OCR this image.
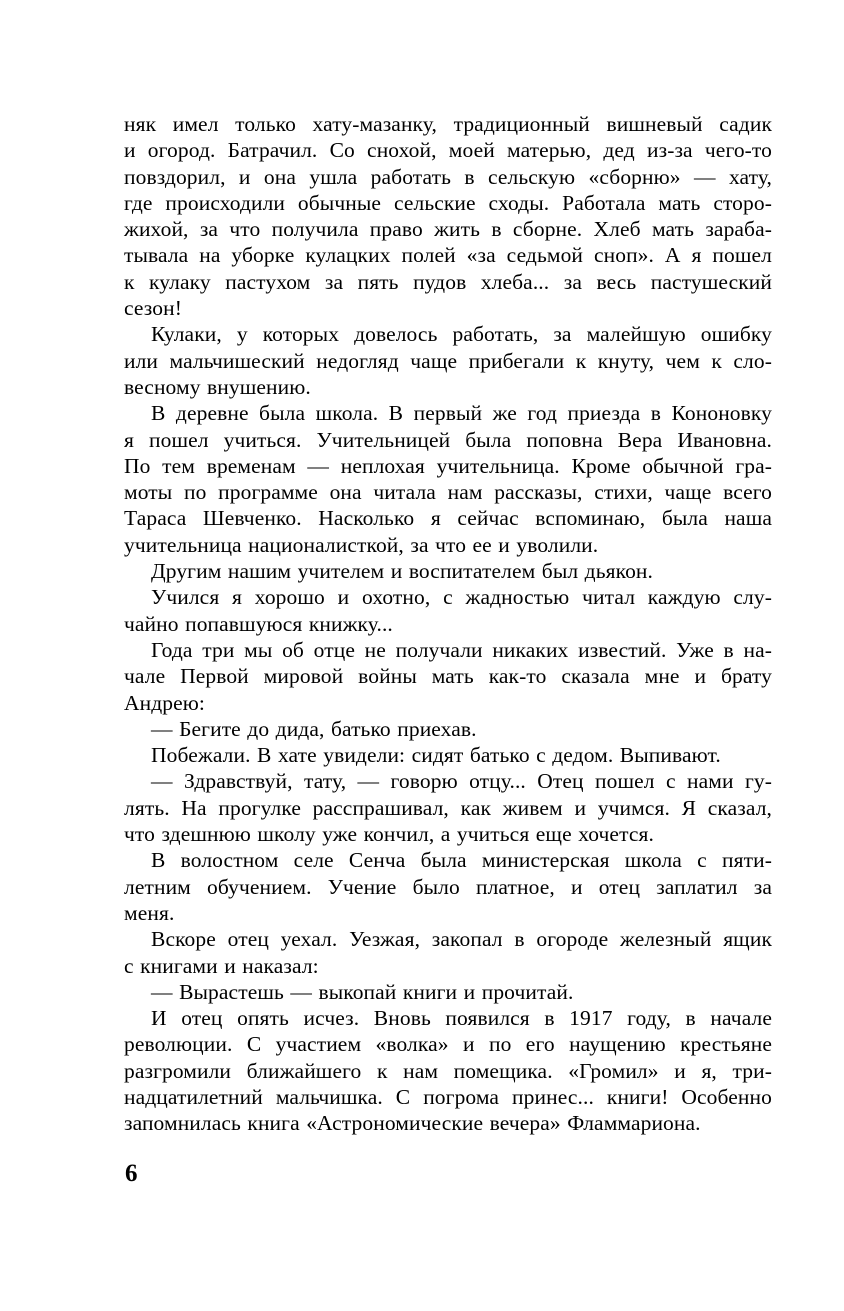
няк имел только хату-мазанку, традиционный вишневый садик
и огород. Батрачил. Со снохой, моей матерью, дед из-за чего-то
повздорил, и она ушла работать в сельскую «сборню» — хату,
где происходили обычные сельские сходы. Работала мать сторо-
жихой, за что получила право жить в сборне. Хлеб мать зараба-
тывала на уборке кулацких полей «за седьмой сноп». А я пошел
к кулаку пастухом за пять пудов хлеба... за весь пастушеский
сезон!
Кулаки, у которых довелось работать, за малейшую ошибку
или мальчишеский недогляд чаще прибегали к кнуту, чем к сло-
весному внушению.
В деревне была школа. В первый же год приезда в Кононовку
я пошел учиться. Учительницей была поповна Вера Ивановна.
По тем временам — неплохая учительница. Кроме обычной гра-
моты по программе она читала нам рассказы, стихи, чаще всего
Тараса Шевченко. Насколько я сейчас вспоминаю, была наша
учительница националисткой, за что ее и уволили.
Другим нашим учителем и воспитателем был дьякон.
Учился я хорошо и охотно, с жадностью читал каждую слу-
чайно попавшуюся книжку...
Года три мы об отце не получали никаких известий. Уже в на-
чале Первой мировой войны мать как-то сказала мне и брату
Андрею:
— Бегите до дида, батько приехав.
Побежали. В хате увидели: сидят батько с дедом. Выпивают.
— Здравствуй, тату, — говорю отцу... Отец пошел с нами гу-
лять. На прогулке расспрашивал, как живем и учимся. Я сказал,
что здешнюю школу уже кончил, а учиться еще хочется.
В волостном селе Сенча была министерская школа с пяти-
летним обучением. Учение было платное, и отец заплатил за
меня.
Вскоре отец уехал. Уезжая, закопал в огороде железный ящик
с книгами и наказал:
— Вырастешь — выкопай книги и прочитай.
И отец опять исчез. Вновь появился в 1917 году, в начале
революции. С участием «волка» и по его наущению крестьяне
разгромили ближайшего к нам помещика. «Громил» и я, три-
надцатилетний мальчишка. С погрома принес... книги! Особенно
запомнилась книга «Астрономические вечера» Фламмариона.
6
